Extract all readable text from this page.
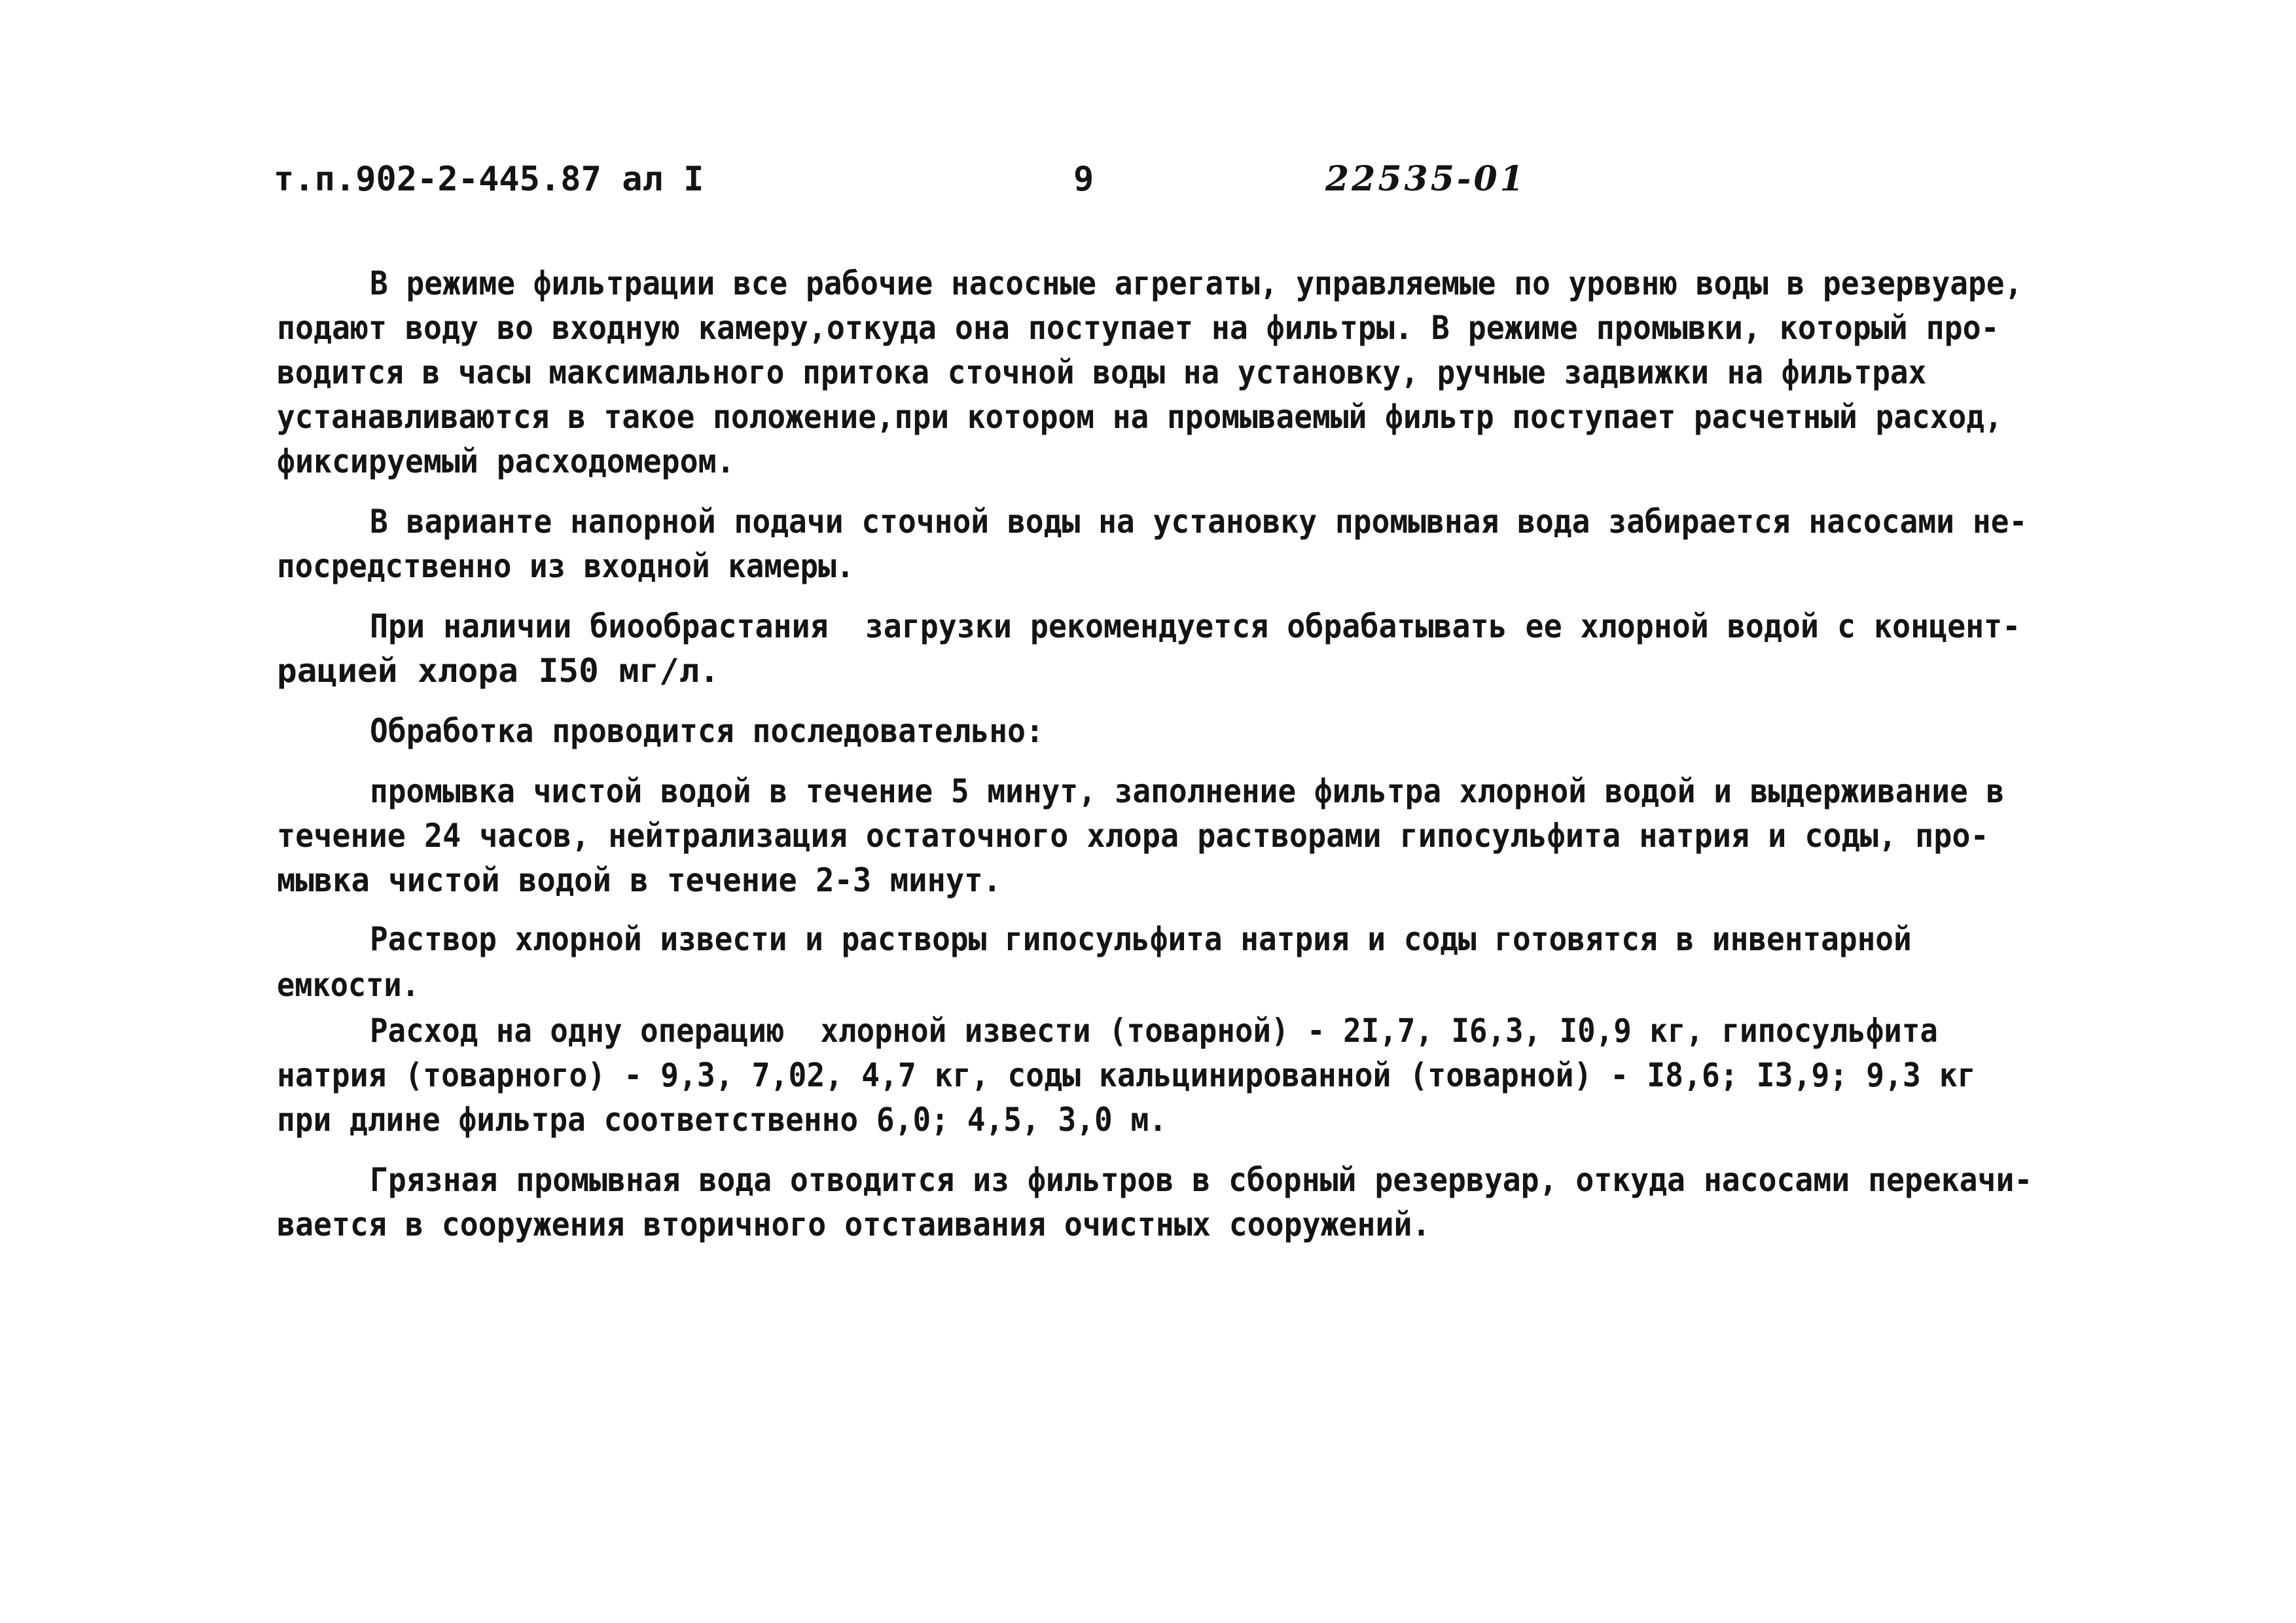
т.п.902-2-445.87 ал I	9	22535-01
В режиме фильтрации все рабочие насосные агрегаты, управляемые по уровню воды в резервуаре,
подают воду во входную камеру,откуда она поступает на фильтры. В режиме промывки, который про-
водится в часы максимального притока сточной воды на установку, ручные задвижки на фильтрах
устанавливаются в такое положение,при котором на промываемый фильтр поступает расчетный расход,
фиксируемый расходомером.
В варианте напорной подачи сточной воды на установку промывная вода забирается насосами не-
посредственно из входной камеры.
При наличии биообрастания  загрузки рекомендуется обрабатывать ее хлорной водой с концент-
рацией хлора I50 мг/л.
Обработка проводится последовательно:
промывка чистой водой в течение 5 минут, заполнение фильтра хлорной водой и выдерживание в
течение 24 часов, нейтрализация остаточного хлора растворами гипосульфита натрия и соды, про-
мывка чистой водой в течение 2-3 минут.
Раствор хлорной извести и растворы гипосульфита натрия и соды готовятся в инвентарной
емкости.
Расход на одну операцию  хлорной извести (товарной) - 2I,7, I6,3, I0,9 кг, гипосульфита
натрия (товарного) - 9,3, 7,02, 4,7 кг, соды кальцинированной (товарной) - I8,6; I3,9; 9,3 кг
при длине фильтра соответственно 6,0; 4,5, 3,0 м.
Грязная промывная вода отводится из фильтров в сборный резервуар, откуда насосами перекачи-
вается в сооружения вторичного отстаивания очистных сооружений.
